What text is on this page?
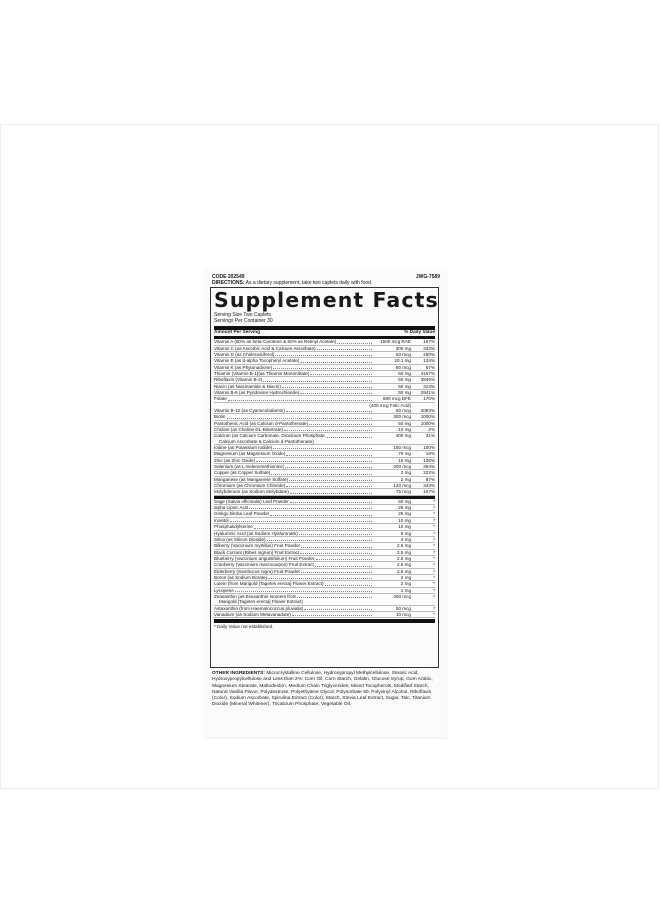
CODE 202549	JWG-7589
DIRECTIONS: As a dietary supplement, take two caplets daily with food.
Supplement Facts
Serving Size Two Caplets
Servings Per Container 30
Amount Per Serving	% Daily Value
Vitamin A (50% as beta-Carotene & 50% as Retinyl Acetate)	1500 mcg RAE	167%
Vitamin C (as Ascorbic Acid & Calcium Ascorbate)	300 mg	333%
Vitamin D (as Cholecalciferol)	50 mcg	250%
Vitamin E (as d-alpha Tocopheryl Acetate)	20.1 mg	134%
Vitamin K (as Phytonadione)	80 mcg	67%
Thiamin (Vitamin B-1)(as Thiamin Mononitrate)	50 mg	4167%
Riboflavin (Vitamin B-2)	50 mg	3846%
Niacin (as Niacinamide & Niacin)	50 mg	313%
Vitamin B-6 (as Pyridoxine Hydrochloride)	50 mg	2941%
Folate	680 mcg DFE	170%
(400 mcg Folic Acid)
Vitamin B-12 (as Cyanocobalamin)	50 mcg	2083%
Biotin	300 mcg	1000%
Pantothenic Acid (as Calcium d-Pantothenate)	50 mg	1000%
Choline (as Choline DL-Bitartrate)	10 mg	2%
Calcium (as Calcium Carbonate, Dicalcium Phosphate,	400 mg	31%
Calcium Ascorbate & Calcium d-Pantothenate)
Iodine (as Potassium Iodide)	150 mcg	100%
Magnesium (as Magnesium Oxide)	75 mg	18%
Zinc (as Zinc Oxide)	15 mg	136%
Selenium (as L-Selenomethionine)	200 mcg	364%
Copper (as Copper Sulfate)	2 mg	222%
Manganese (as Manganese Sulfate)	2 mg	87%
Chromium (as Chromium Chloride)	120 mcg	343%
Molybdenum (as Sodium Molybdate)	75 mcg	167%
Sage (Salvia officinalis) Leaf Powder	50 mg	*
alpha Lipoic Acid	25 mg	*
Ginkgo biloba Leaf Powder	25 mg	*
Inositol	10 mg	*
Phosphatidylserine	10 mg	*
Hyaluronic Acid (as Sodium Hyaluronate)	5 mg	*
Silica (as Silicon Dioxide)	4 mg	*
Bilberry (Vaccinium myrtillus) Fruit Powder	2.5 mg	*
Black Currant (Ribes nigrum) Fruit Extract	2.5 mg	*
Blueberry (Vaccinium angustifolium) Fruit Powder	2.5 mg	*
Cranberry (Vaccinium macrocarpon) Fruit Extract	2.5 mg	*
Elderberry (Sambucus nigra) Fruit Powder	2.5 mg	*
Boron (as Sodium Borate)	2 mg	*
Lutein (from Marigold [Tagetes erecta] Flower Extract)	2 mg	*
Lycopene	1 mg	*
Zeaxanthin (as Zeaxanthin Isomers from	400 mcg	*
Marigold [Tagetes erecta] Flower Extract)
Astaxanthin (from Haematococcus pluvialis)	50 mcg	*
Vanadium (as Sodium Metavanadate)	10 mcg	*
* Daily Value not established.
OTHER INGREDIENTS: Microcrystalline Cellulose, Hydroxypropyl Methylcellulose, Stearic Acid, Hydroxypropylcellulose and Less than 2%: Corn Oil, Corn Starch, Gelatin, Glucose Syrup, Gum Arabic, Magnesium Stearate, Maltodextrin, Medium Chain Triglycerides, Mixed Tocopherols, Modified Starch, Natural Vanilla Flavor, Polydextrose, Polyethylene Glycol, Polysorbate 80, Polyvinyl Alcohol, Riboflavin (Color), Sodium Ascorbate, Spirulina Extract (Color), Starch, Stevia Leaf Extract, Sugar, Talc, Titanium Dioxide (Mineral Whitener), Tricalcium Phosphate, Vegetable Oil.
